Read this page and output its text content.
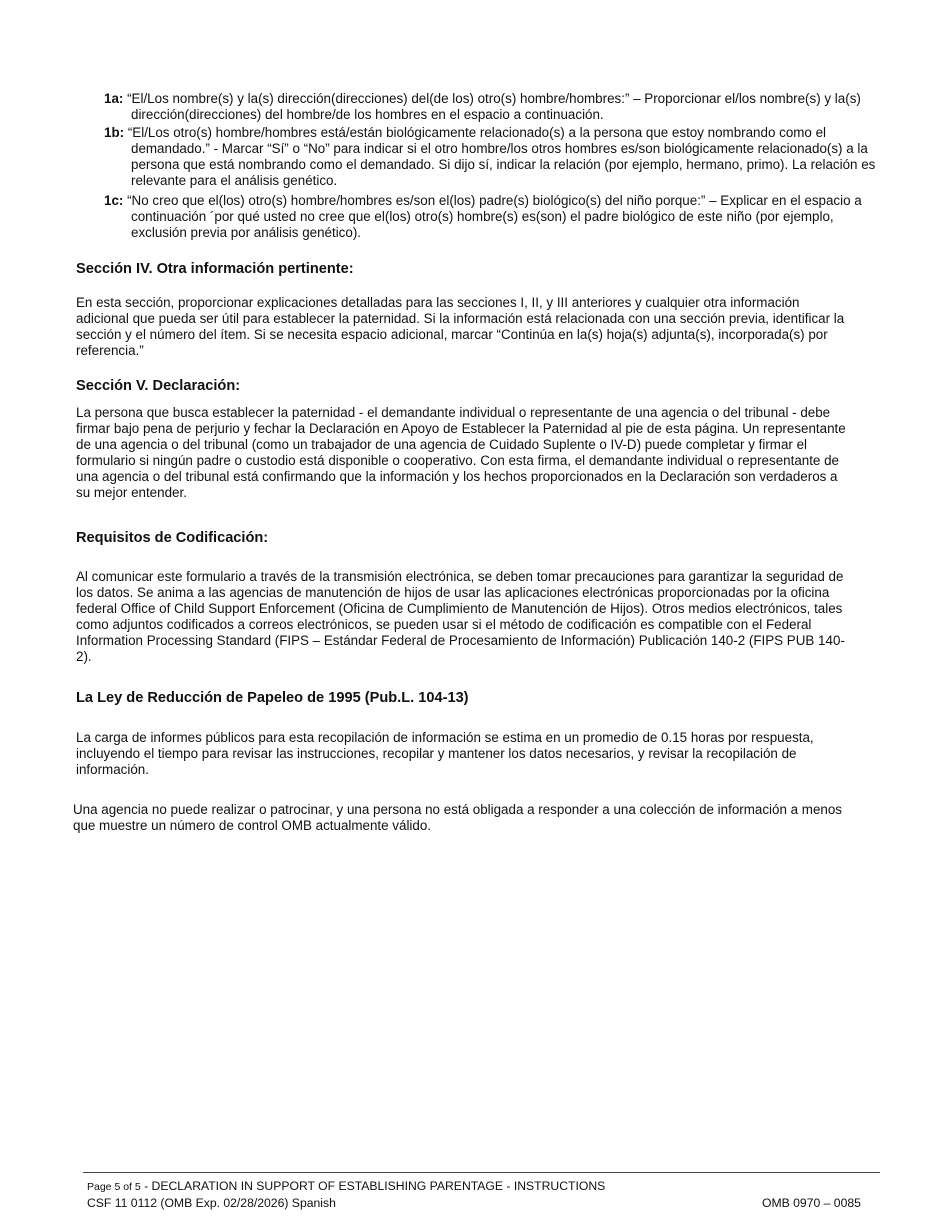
1a: “El/Los nombre(s) y la(s) dirección(direcciones) del(de los) otro(s) hombre/hombres:” – Proporcionar el/los nombre(s) y la(s) dirección(direcciones) del hombre/de los hombres en el espacio a continuación.
1b: “El/Los otro(s) hombre/hombres está/están biológicamente relacionado(s) a la persona que estoy nombrando como el demandado.” - Marcar “Sí” o “No” para indicar si el otro hombre/los otros hombres es/son biológicamente relacionado(s) a la persona que está nombrando como el demandado. Si dijo sí, indicar la relación (por ejemplo, hermano, primo). La relación es relevante para el análisis genético.
1c: “No creo que el(los) otro(s) hombre/hombres es/son el(los) padre(s) biológico(s) del niño porque:” – Explicar en el espacio a continuación ´por qué usted no cree que el(los) otro(s) hombre(s) es(son) el padre biológico de este niño (por ejemplo, exclusión previa por análisis genético).
Sección IV. Otra información pertinente:
En esta sección, proporcionar explicaciones detalladas para las secciones I, II, y III anteriores y cualquier otra información adicional que pueda ser útil para establecer la paternidad. Si la información está relacionada con una sección previa, identificar la sección y el número del ítem. Si se necesita espacio adicional, marcar “Continúa en la(s) hoja(s) adjunta(s), incorporada(s) por referencia.”
Sección V. Declaración:
La persona que busca establecer la paternidad - el demandante individual o representante de una agencia o del tribunal - debe firmar bajo pena de perjurio y fechar la Declaración en Apoyo de Establecer la Paternidad al pie de esta página. Un representante de una agencia o del tribunal (como un trabajador de una agencia de Cuidado Suplente o IV-D) puede completar y firmar el formulario si ningún padre o custodio está disponible o cooperativo. Con esta firma, el demandante individual o representante de una agencia o del tribunal está confirmando que la información y los hechos proporcionados en la Declaración son verdaderos a su mejor entender.
Requisitos de Codificación:
Al comunicar este formulario a través de la transmisión electrónica, se deben tomar precauciones para garantizar la seguridad de los datos. Se anima a las agencias de manutención de hijos de usar las aplicaciones electrónicas proporcionadas por la oficina federal Office of Child Support Enforcement (Oficina de Cumplimiento de Manutención de Hijos). Otros medios electrónicos, tales como adjuntos codificados a correos electrónicos, se pueden usar si el método de codificación es compatible con el Federal Information Processing Standard (FIPS – Estándar Federal de Procesamiento de Información) Publicación 140-2 (FIPS PUB 140-2).
La Ley de Reducción de Papeleo de 1995 (Pub.L. 104-13)
La carga de informes públicos para esta recopilación de información se estima en un promedio de 0.15 horas por respuesta, incluyendo el tiempo para revisar las instrucciones, recopilar y mantener los datos necesarios, y revisar la recopilación de información.
Una agencia no puede realizar o patrocinar, y una persona no está obligada a responder a una colección de información a menos que muestre un número de control OMB actualmente válido.
Page 5 of 5 - DECLARATION IN SUPPORT OF ESTABLISHING PARENTAGE - INSTRUCTIONS
CSF 11 0112 (OMB Exp. 02/28/2026) Spanish	OMB 0970 – 0085
